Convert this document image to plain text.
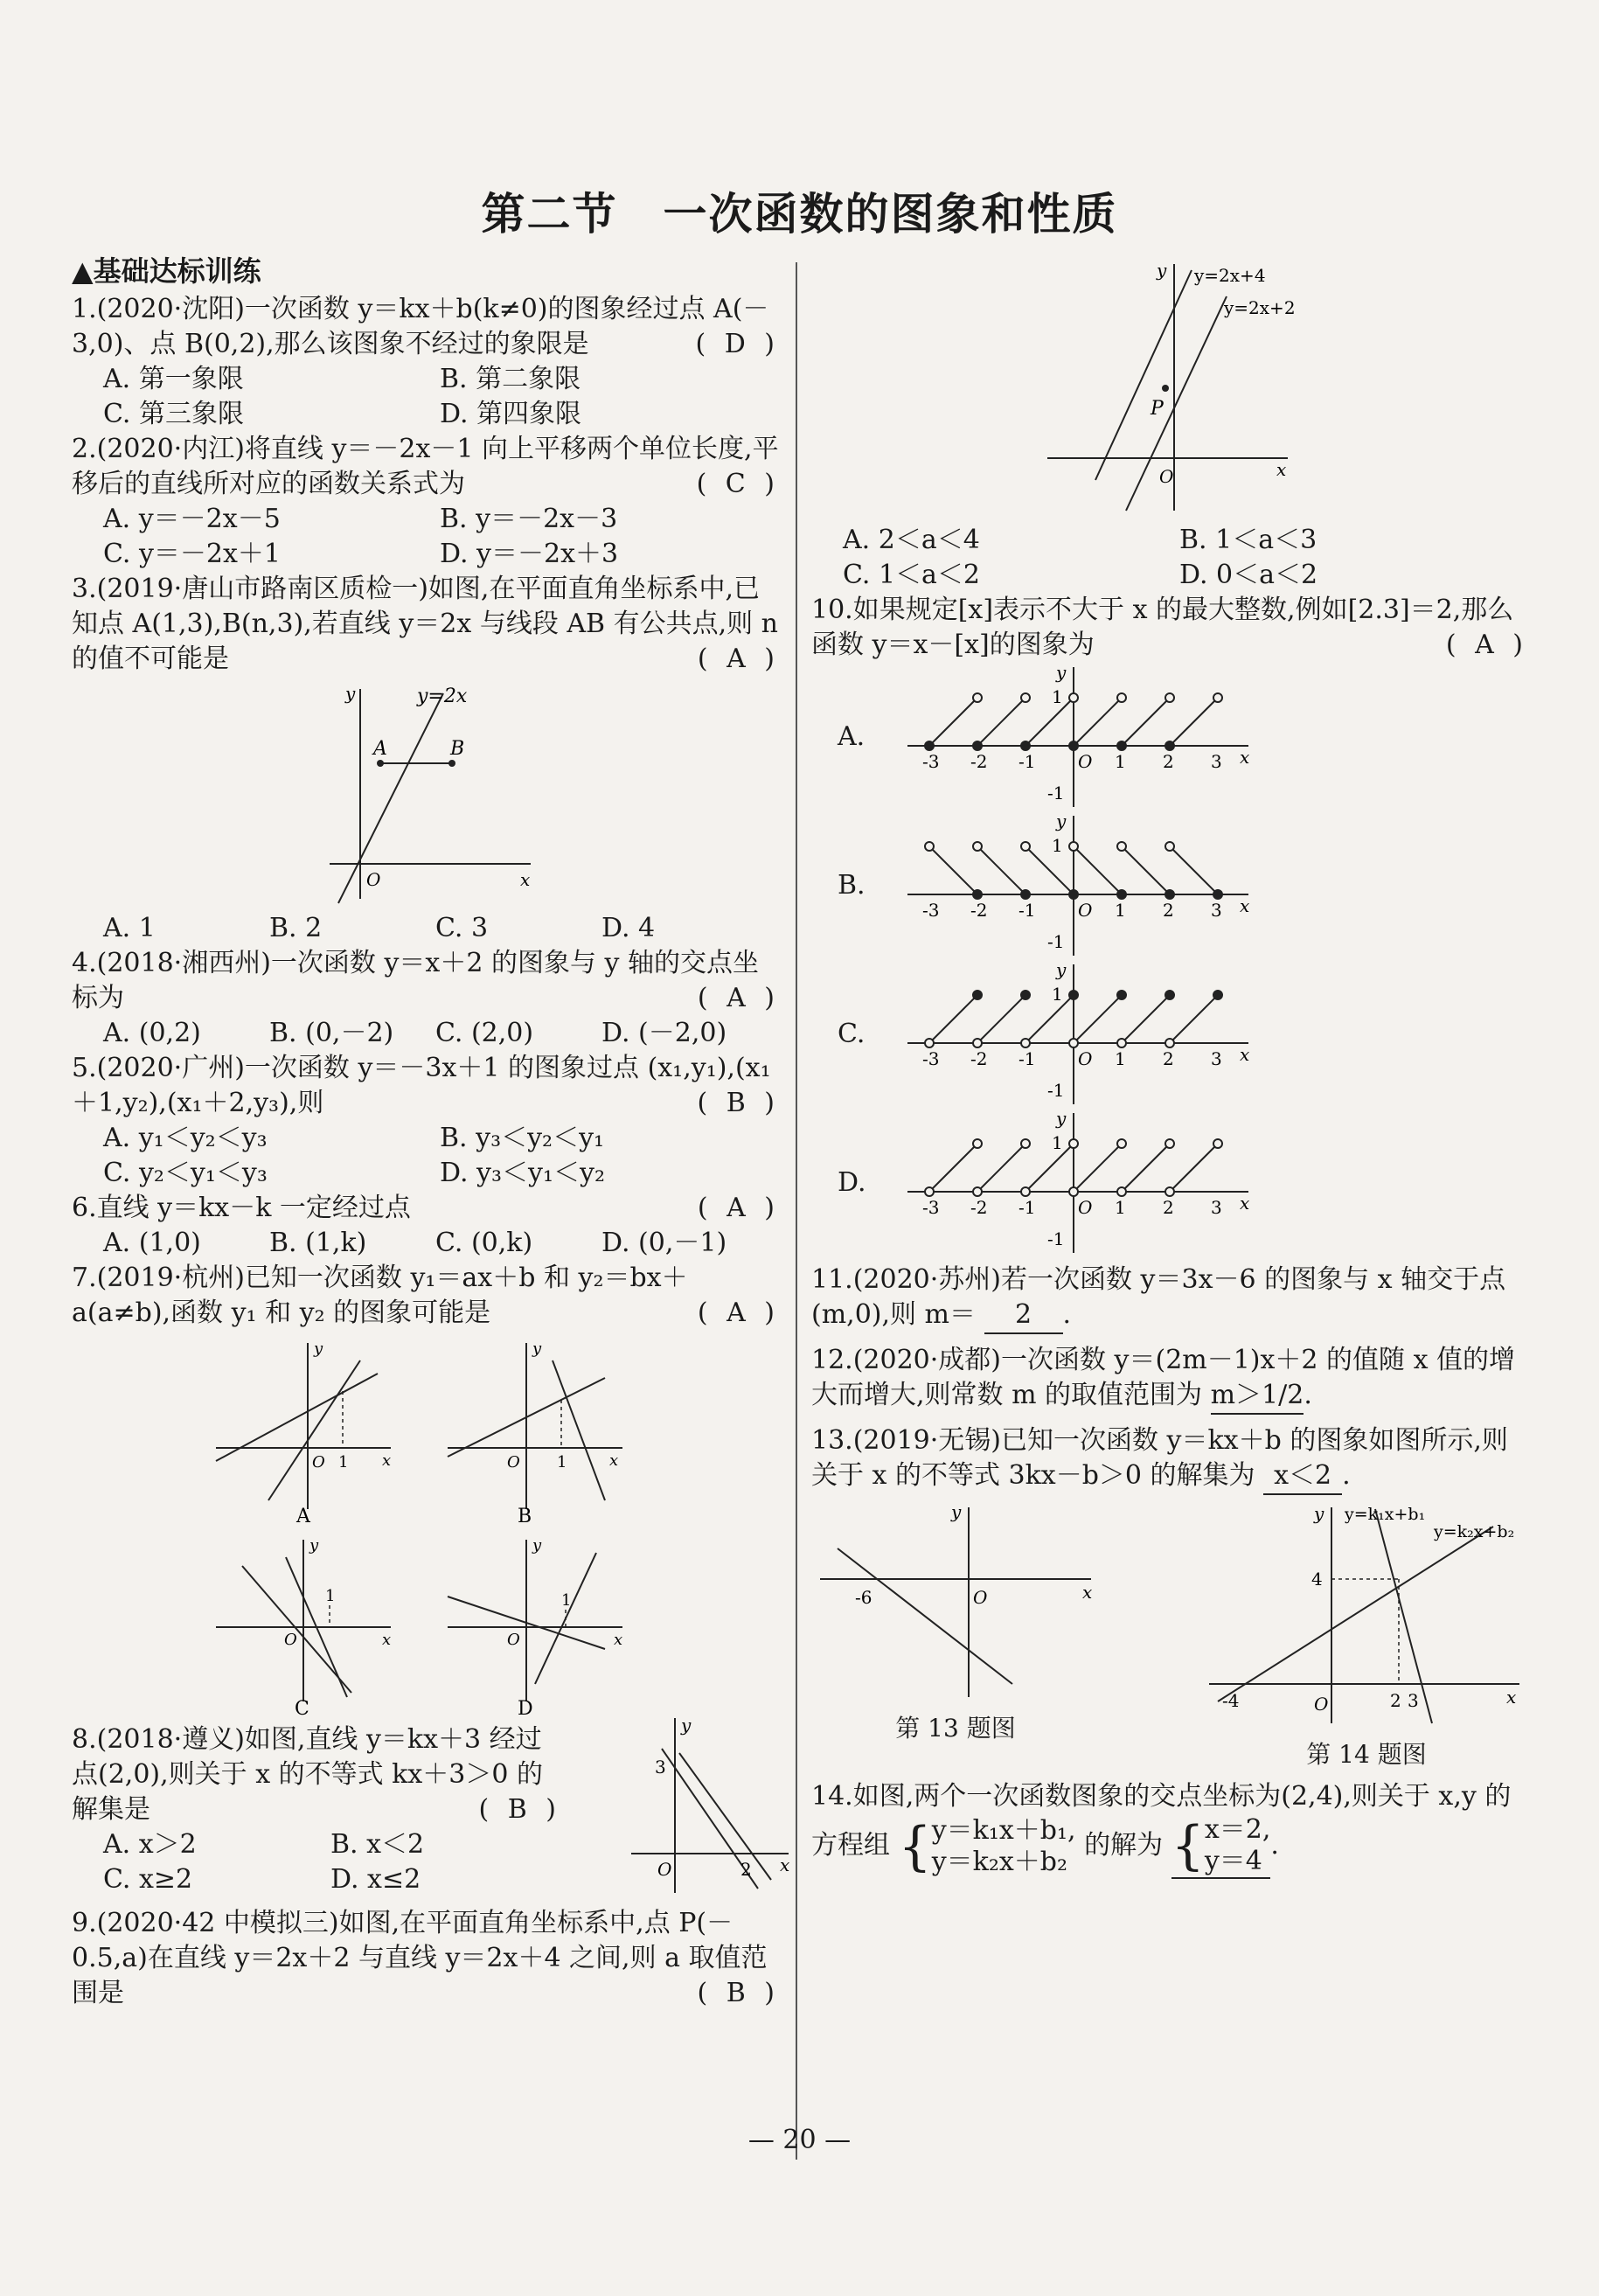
第二节　一次函数的图象和性质
▲基础达标训练
1.(2020·沈阳)一次函数 y＝kx＋b(k≠0)的图象经过点 A(－3,0)、点 B(0,2),那么该图象不经过的象限是	( D )
A. 第一象限	B. 第二象限
C. 第三象限	D. 第四象限
2.(2020·内江)将直线 y＝－2x－1 向上平移两个单位长度,平移后的直线所对应的函数关系式为	( C )
A. y＝－2x－5	B. y＝－2x－3
C. y＝－2x＋1	D. y＝－2x＋3
3.(2019·唐山市路南区质检一)如图,在平面直角坐标系中,已知点 A(1,3),B(n,3),若直线 y＝2x 与线段 AB 有公共点,则 n 的值不可能是	( A )
y=2x
A	B
y
x
O
A. 1	B. 2	C. 3	D. 4
4.(2018·湘西州)一次函数 y＝x＋2 的图象与 y 轴的交点坐标为	( A )
A. (0,2)	B. (0,－2)	C. (2,0)	D. (－2,0)
5.(2020·广州)一次函数 y＝－3x＋1 的图象过点 (x₁,y₁),(x₁＋1,y₂),(x₁＋2,y₃),则	( B )
A. y₁＜y₂＜y₃	B. y₃＜y₂＜y₁
C. y₂＜y₁＜y₃	D. y₃＜y₁＜y₂
6.直线 y＝kx－k 一定经过点	( A )
A. (1,0)	B. (1,k)	C. (0,k)	D. (0,－1)
7.(2019·杭州)已知一次函数 y₁＝ax＋b 和 y₂＝bx＋a(a≠b),函数 y₁ 和 y₂ 的图象可能是	( A )
O 1 x
y
A
O 1	x
y
B
O
1
x
y
C
O
1
x
y
D
8.(2018·遵义)如图,直线 y＝kx＋3 经过点(2,0),则关于 x 的不等式 kx＋3＞0 的解集是	( B )
3
2
O	x
y
A. x＞2	B. x＜2
C. x≥2	D. x≤2
9.(2020·42 中模拟三)如图,在平面直角坐标系中,点 P(－0.5,a)在直线 y＝2x＋2 与直线 y＝2x＋4 之间,则 a 取值范围是	( B )
y=2x+4
y=2x+2
P
O	x
y
A. 2＜a＜4	B. 1＜a＜3
C. 1＜a＜2	D. 0＜a＜2
10.如果规定[x]表示不大于 x 的最大整数,例如[2.3]＝2,那么函数 y＝x－[x]的图象为	( A )
A.
-3 -2 -1	1 2 3
1
-1
O	x
y
B.
-3 -2 -1	1 2 3
1
-1
O	x
y
C.
-3 -2 -1	1 2 3
1
-1
O	x
y
D.
-3 -2 -1	1 2 3
1
-1
O	x
y
11.(2020·苏州)若一次函数 y＝3x－6 的图象与 x 轴交于点(m,0),则 m＝ 2 .
12.(2020·成都)一次函数 y＝(2m－1)x＋2 的值随 x 值的增大而增大,则常数 m 的取值范围为 m＞1/2.
13.(2019·无锡)已知一次函数 y＝kx＋b 的图象如图所示,则关于 x 的不等式 3kx－b＞0 的解集为 x＜2 .
-6	O	x
y
第 13 题图
y=k₁x+b₁
y=k₂x+b₂
4
-4	2 3
O	x
y
第 14 题图
14.如图,两个一次函数图象的交点坐标为(2,4),则关于 x,y 的方程组 { y＝k₁x＋b₁,
y＝k₂x＋b₂
的解为 { x＝2,
y＝4
.
— 20 —
